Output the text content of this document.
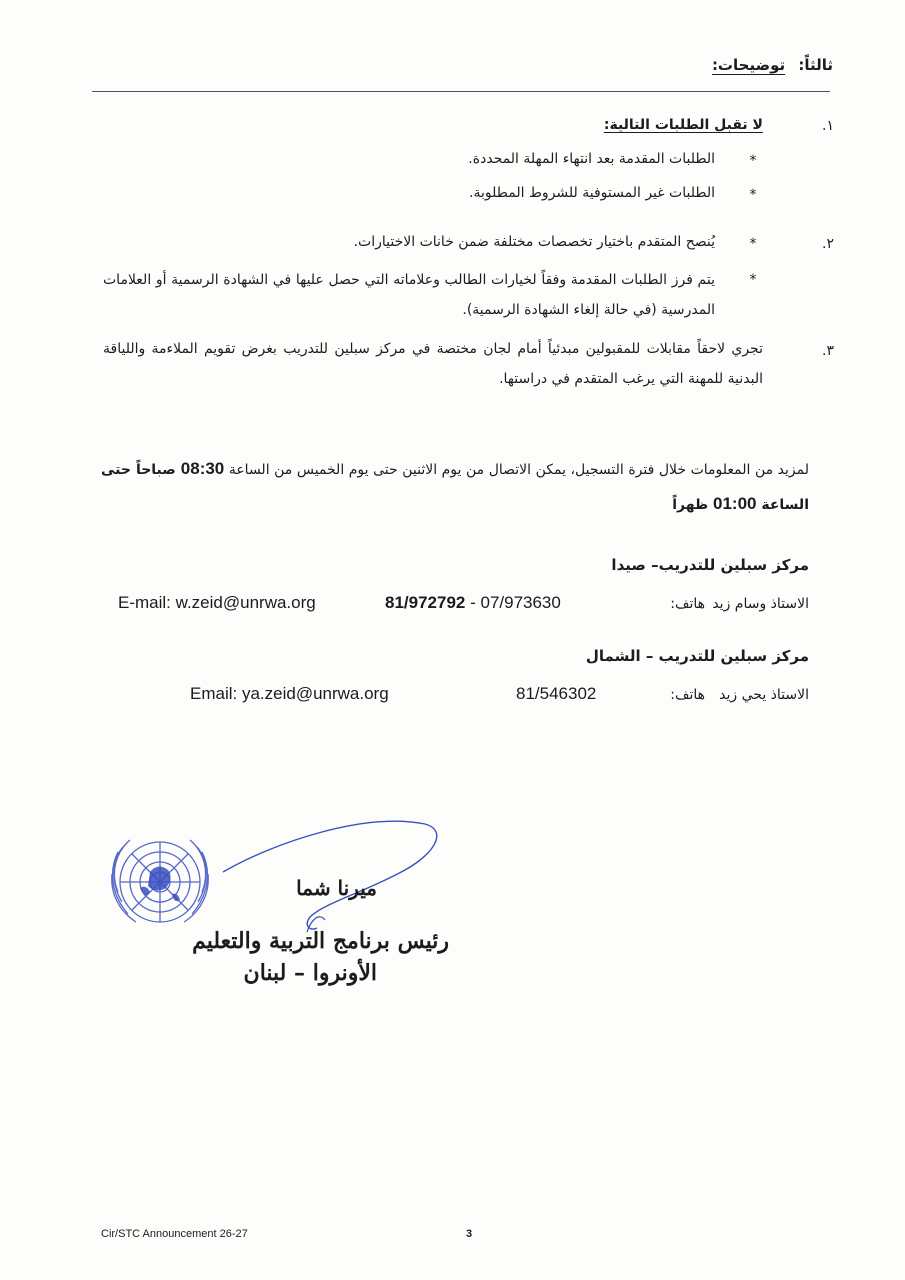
ثالثاً: توضيحات:
.١
لا تقبل الطلبات التالية:
*
الطلبات المقدمة بعد انتهاء المهلة المحددة.
*
الطلبات غير المستوفية للشروط المطلوبة.
.٢
*
يُنصح المتقدم باختيار تخصصات مختلفة ضمن خانات الاختيارات.
*
يتم فرز الطلبات المقدمة وفقاً لخيارات الطالب وعلاماته التي حصل عليها في الشهادة الرسمية أو العلامات المدرسية (في حالة إلغاء الشهادة الرسمية).
.٣
تجري لاحقاً مقابلات للمقبولين مبدئياً أمام لجان مختصة في مركز سبلين للتدريب بغرض تقويم الملاءمة واللياقة البدنية للمهنة التي يرغب المتقدم في دراستها.
لمزيد من المعلومات خلال فترة التسجيل، يمكن الاتصال من يوم الاثنين حتى يوم الخميس من الساعة 08:30 صباحاً حتى الساعة 01:00 ظهراً
مركز سبلين للتدريب– صيدا
الاستاذ وسام زيد
هاتف:
81/972792 - 07/973630
E-mail: w.zeid@unrwa.org
مركز سبلين للتدريب – الشمال
الاستاذ يحي زيد
هاتف:
81/546302
Email: ya.zeid@unrwa.org
ميرنا شما
رئيس برنامج التربية والتعليم
الأونروا – لبنان
Cir/STC Announcement 26-27	3
